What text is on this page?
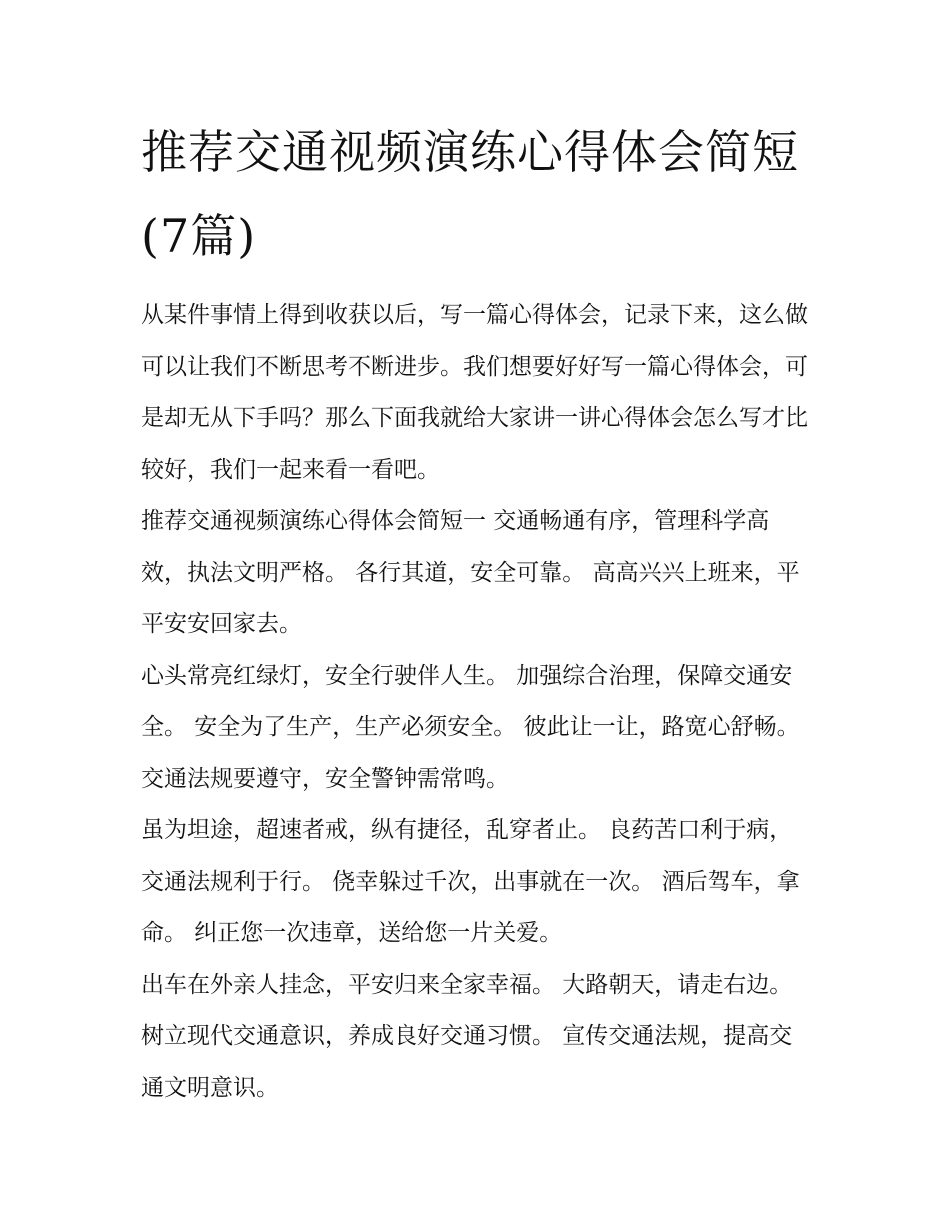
推荐交通视频演练心得体会简短(7篇)

从某件事情上得到收获以后，写一篇心得体会，记录下来，这么做可以让我们不断思考不断进步。我们想要好好写一篇心得体会，可是却无从下手吗？那么下面我就给大家讲一讲心得体会怎么写才比较好，我们一起来看一看吧。

推荐交通视频演练心得体会简短一 交通畅通有序，管理科学高效，执法文明严格。 各行其道，安全可靠。 高高兴兴上班来，平平安安回家去。

心头常亮红绿灯，安全行驶伴人生。 加强综合治理，保障交通安全。 安全为了生产，生产必须安全。 彼此让一让，路宽心舒畅。 交通法规要遵守，安全警钟需常鸣。

虽为坦途，超速者戒，纵有捷径，乱穿者止。 良药苦口利于病，交通法规利于行。 侥幸躲过千次，出事就在一次。 酒后驾车，拿命。 纠正您一次违章，送给您一片关爱。

出车在外亲人挂念，平安归来全家幸福。 大路朝天，请走右边。 树立现代交通意识，养成良好交通习惯。 宣传交通法规，提高交通文明意识。
